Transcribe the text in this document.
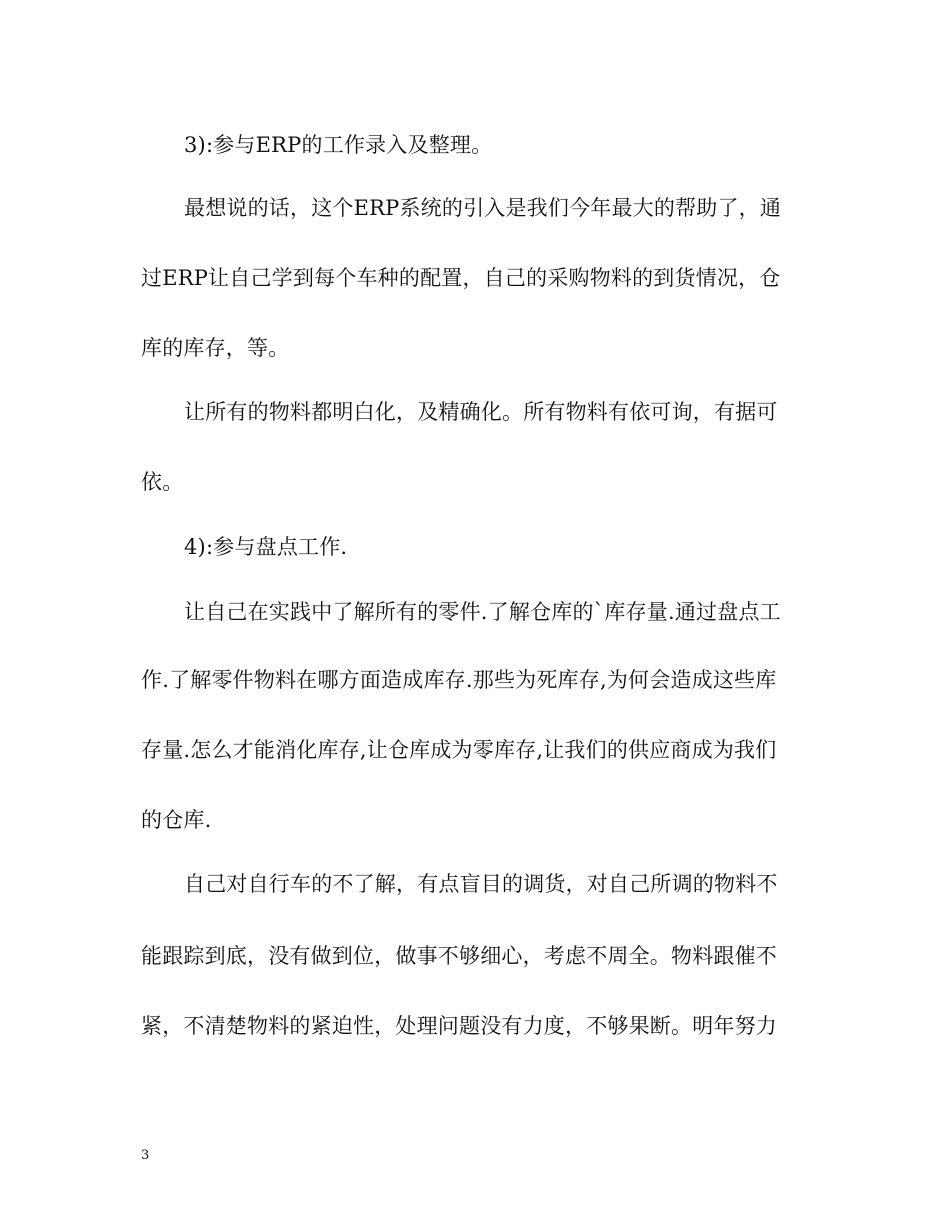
3):参与ERP的工作录入及整理。
最想说的话，这个ERP系统的引入是我们今年最大的帮助了，通
过ERP让自己学到每个车种的配置，自己的采购物料的到货情况，仓
库的库存，等。
让所有的物料都明白化，及精确化。所有物料有依可询，有据可
依。
4):参与盘点工作.
让自己在实践中了解所有的零件.了解仓库的`库存量.通过盘点工
作.了解零件物料在哪方面造成库存.那些为死库存,为何会造成这些库
存量.怎么才能消化库存,让仓库成为零库存,让我们的供应商成为我们
的仓库.
自己对自行车的不了解，有点盲目的调货，对自己所调的物料不
能跟踪到底，没有做到位，做事不够细心，考虑不周全。物料跟催不
紧，不清楚物料的紧迫性，处理问题没有力度，不够果断。明年努力
3
